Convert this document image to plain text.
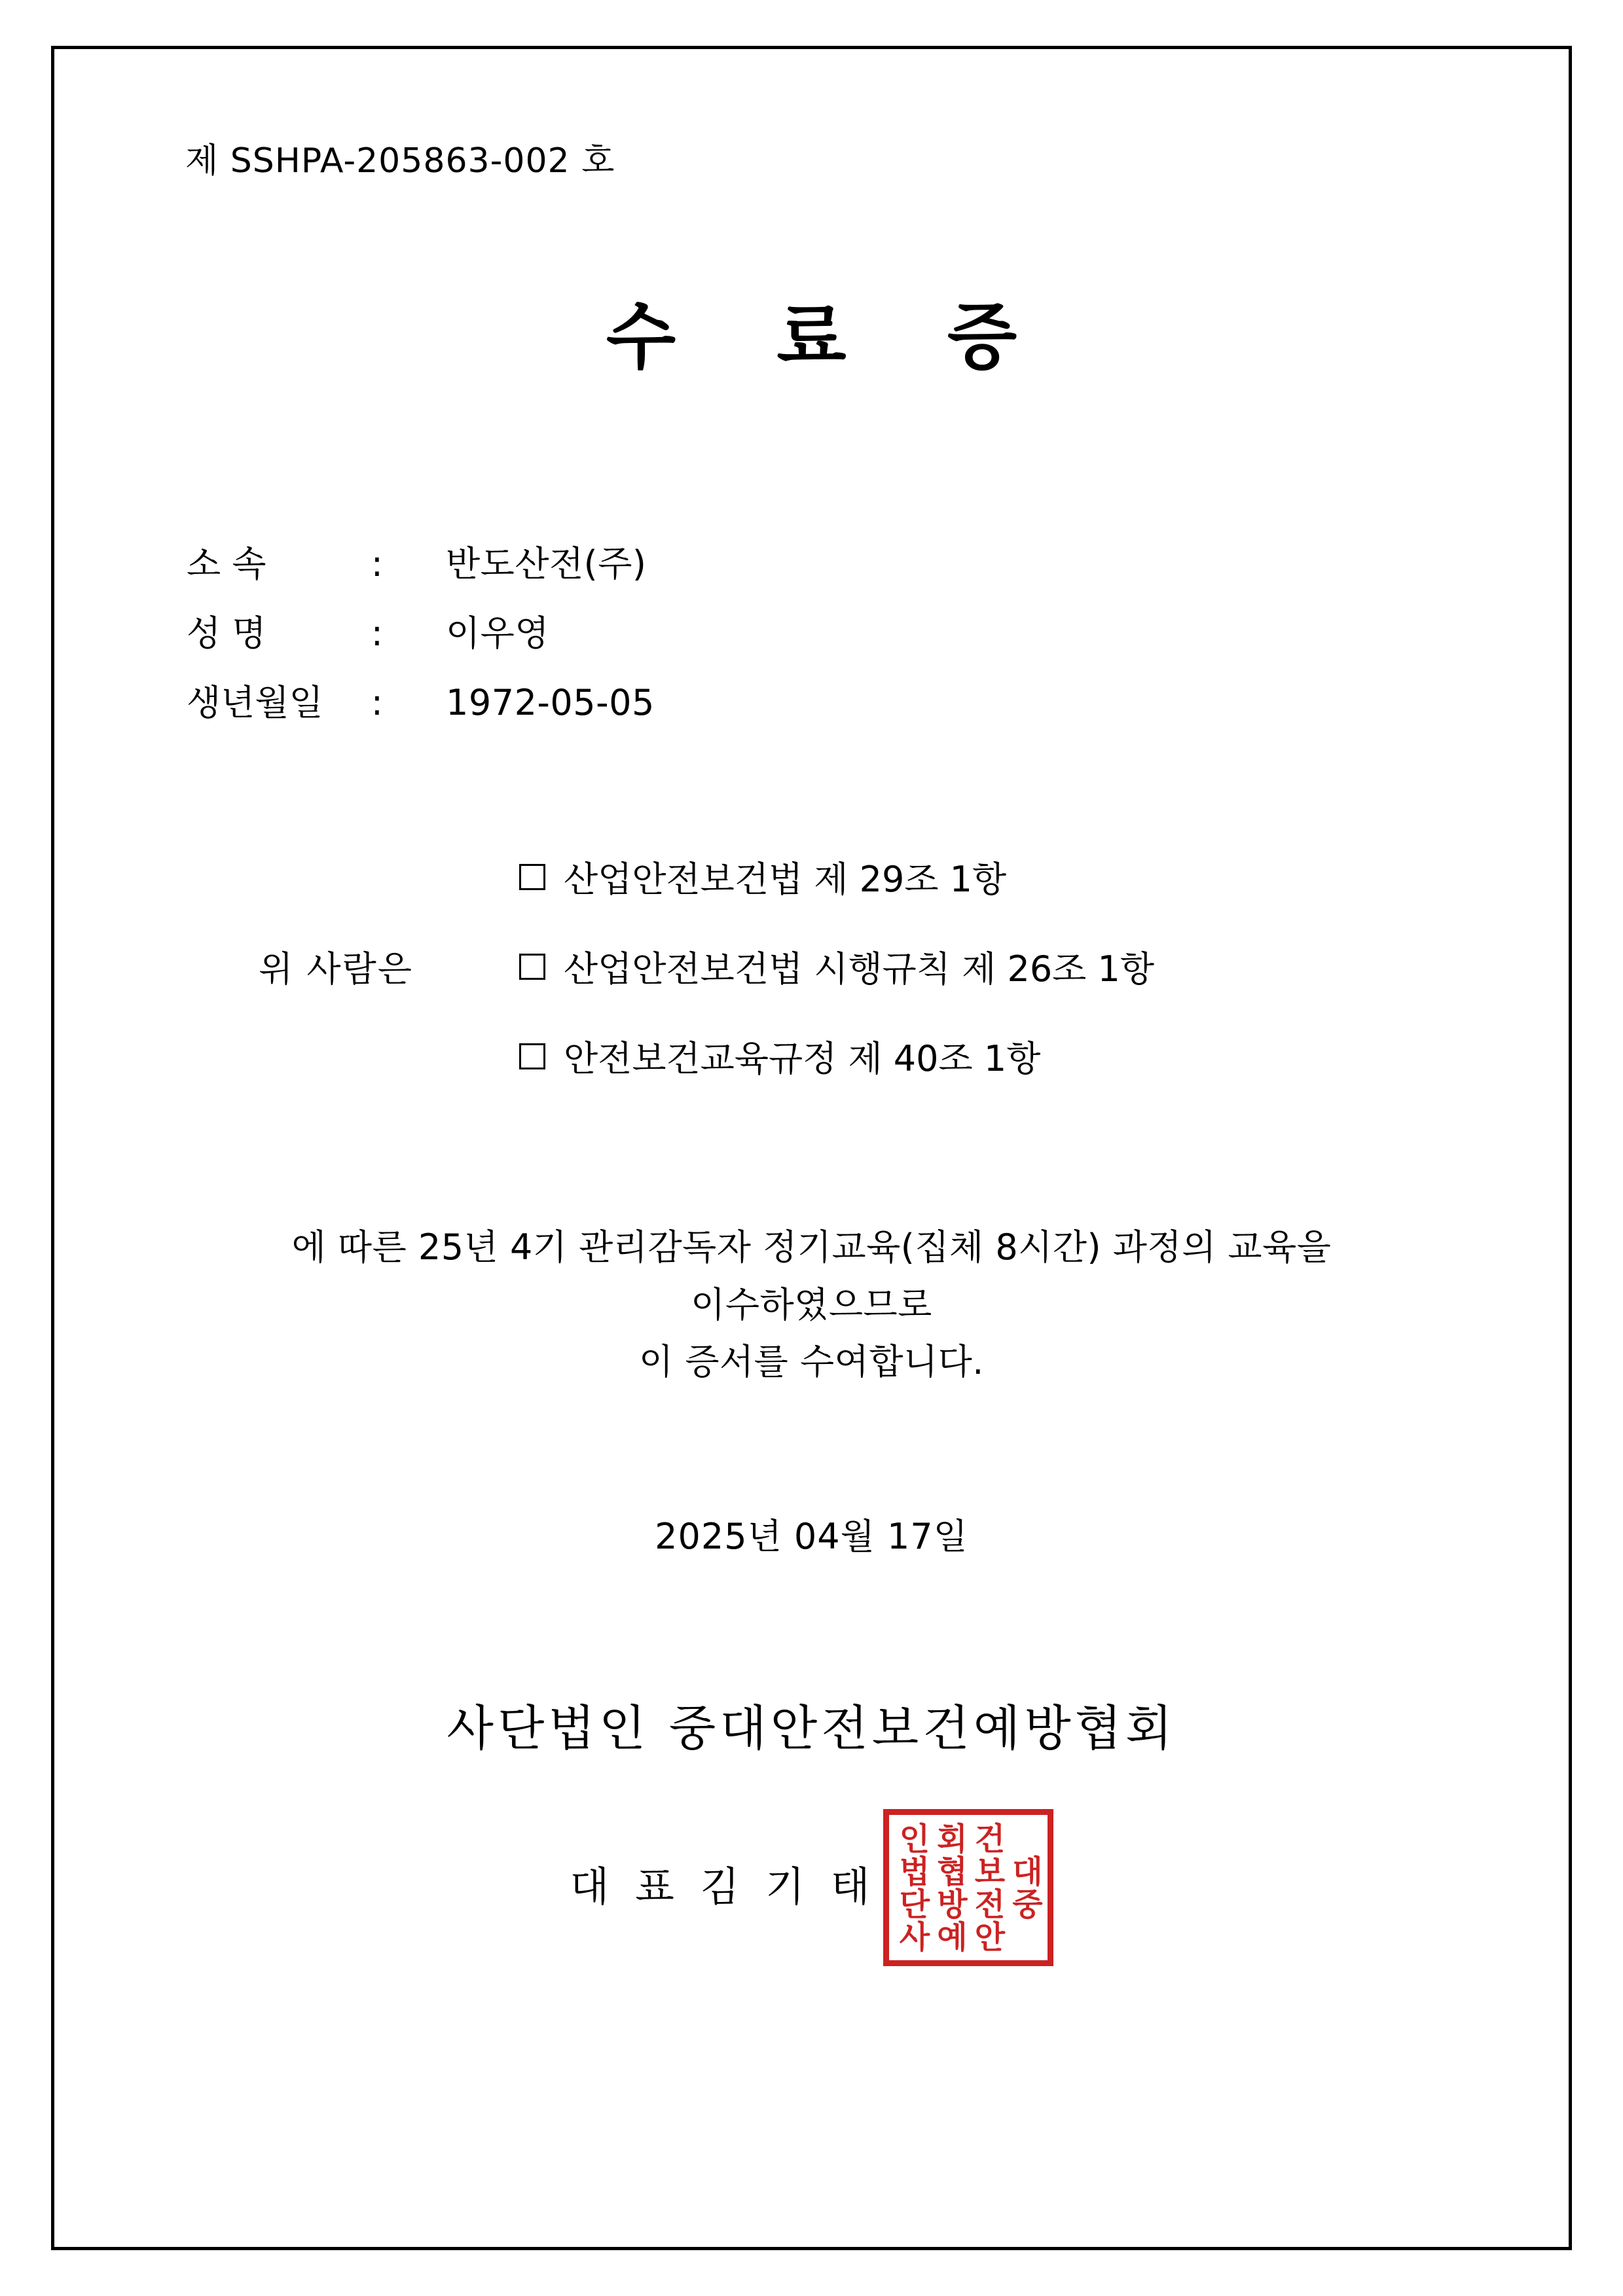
제 SSHPA-205863-002 호
수 료 증
소 속	: 반도산전(주)
성 명	: 이우영
생년월일 : 1972-05-05
위 사람은
산업안전보건법 제 29조 1항
산업안전보건법 시행규칙 제 26조 1항
안전보건교육규정 제 40조 1항
에 따른 25년 4기 관리감독자 정기교육(집체 8시간) 과정의 교육을
이수하였으므로
이 증서를 수여합니다.
2025년 04월 17일
사단법인 중대안전보건예방협회
대 표 김 기 태 인법단사 회협방예 건보전안 대중
